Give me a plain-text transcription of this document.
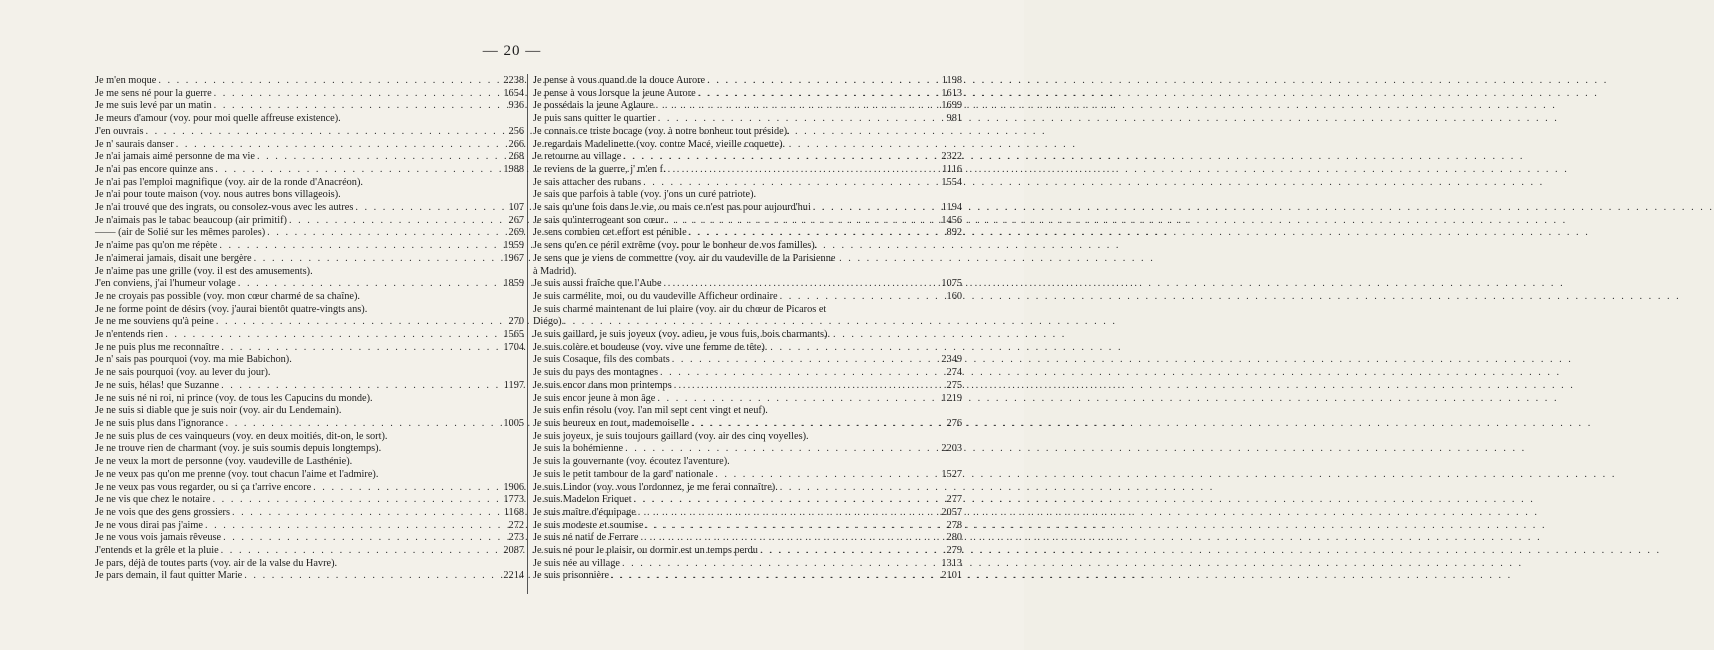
— 20 —
Je m'en moque . . .	2238
Je me sens né pour la guerre . . .	1654
Je me suis levé par un matin . . .	936
Je meurs d'amour (voy. pour moi quelle affreuse existence).
J'en ouvrais . . .	256
Je n' saurais danser . . .	266
Je n'ai jamais aimé personne de ma vie . . .	268
Je n'ai pas encore quinze ans . . .	1988
Je n'ai pas l'emploi magnifique (voy. air de la ronde d'Anacréon).
Je n'ai pour toute maison (voy. nous autres bons villageois).
Je n'ai trouvé que des ingrats, ou consolez-vous avec les autres . . .	107
Je n'aimais pas le tabac beaucoup (air primitif) . . .	267
—— (air de Solié sur les mêmes paroles) . . .	269
Je n'aime pas qu'on me répète . . .	1959
Je n'aimerai jamais, disait une bergère . . .	1967
Je n'aime pas une grille (voy. il est des amusements).
J'en conviens, j'ai l'humeur volage . . .	1859
Je ne croyais pas possible (voy. mon cœur charmé de sa chaîne).
Je ne forme point de désirs (voy. j'aurai bientôt quatre-vingts ans).
Je ne me souviens qu'à peine . . .	270
Je n'entends rien . . .	1565
Je ne puis plus me reconnaître . . .	1704
Je n' sais pas pourquoi (voy. ma mie Babichon).
Je ne sais pourquoi (voy. au lever du jour).
Je ne suis, hélas! que Suzanne . . .	1197
Je ne suis né ni roi, ni prince (voy. de tous les Capucins du monde).
Je ne suis si diable que je suis noir (voy. air du Lendemain).
Je ne suis plus dans l'ignorance . . .	1005
Je ne suis plus de ces vainqueurs (voy. en deux moitiés, dit-on, le sort).
Je ne trouve rien de charmant (voy. je suis soumis depuis longtemps).
Je ne veux la mort de personne (voy. vaudeville de Lasthénie).
Je ne veux pas qu'on me prenne (voy. tout chacun l'aime et l'admire).
Je ne veux pas vous regarder, ou si ça t'arrive encore . . .	1906
Je ne vis que chez le notaire . . .	1773
Je ne vois que des gens grossiers . . .	1168
Je ne vous dirai pas j'aime . . .	272
Je ne vous vois jamais rêveuse . . .	273
J'entends et la grêle et la pluie . . .	2087
Je pars, déjà de toutes parts (voy. air de la valse du Havre).
Je pars demain, il faut quitter Marie . . .	2214
Je pense à vous quand de la douce Aurore . . .	1198
Je pense à vous lorsque la jeune Aurore . . .	1613
Je possédais la jeune Aglaure . . .	1699
Je puis sans quitter le quartier . . .	981
Je connais ce triste bocage (voy. à notre bonheur tout préside).
Je regardais Madelinette (voy. contre Macé, vieille coquette).
Je retourne au village . . .	2322
Je reviens de la guerre, j' m'en f. . . .	1116
Je sais attacher des rubans . . .	1554
Je sais que parfois à table (voy. j'ons un curé patriote).
Je sais qu'une fois dans le vie, ou mais ce n'est pas pour aujourd'hui . . .	1194
Je sais qu'interrogeant son cœur . . .	1456
Je sens combien cet effort est pénible . . .	892
Je sens qu'en ce péril extrême (voy. pour le bonheur de vos familles).
Je sens que je viens de commettre (voy. air du vaudeville de la Parisienne
à Madrid).
Je suis aussi fraîche que l'Aube . . .	1075
Je suis carmélite, moi, ou du vaudeville Afficheur ordinaire . . .	160
Je suis charmé maintenant de lui plaire (voy. air du chœur de Picaros et
Diégo).
Je suis gaillard, je suis joyeux (voy. adieu, je vous fuis, bois charmants).
Je suis colère et boudeuse (voy. vive une femme de tête).
Je suis Cosaque, fils des combats . . .	2349
Je suis du pays des montagnes . . .	274
Je suis encor dans mon printemps . . .	275
Je suis encor jeune à mon âge . . .	1219
Je suis enfin résolu (voy. l'an mil sept cent vingt et neuf).
Je suis heureux en tout, mademoiselle . . .	276
Je suis joyeux, je suis toujours gaillard (voy. air des cinq voyelles).
Je suis la bohémienne . . .	2203
Je suis la gouvernante (voy. écoutez l'aventure).
Je suis le petit tambour de la gard' nationale . . .	1527
Je suis Lindor (voy. vous l'ordonnez, je me ferai connaître).
Je suis Madelon Friquet . . .	277
Je suis maître d'équipage . . .	2057
Je suis modeste et soumise . . .	278
Je suis né natif de Ferrare . . .	280
Je suis né pour le plaisir, ou dormir est un temps perdu . . .	279
Je suis née au village . . .	1313
Je suis prisonnière . . .	2101
